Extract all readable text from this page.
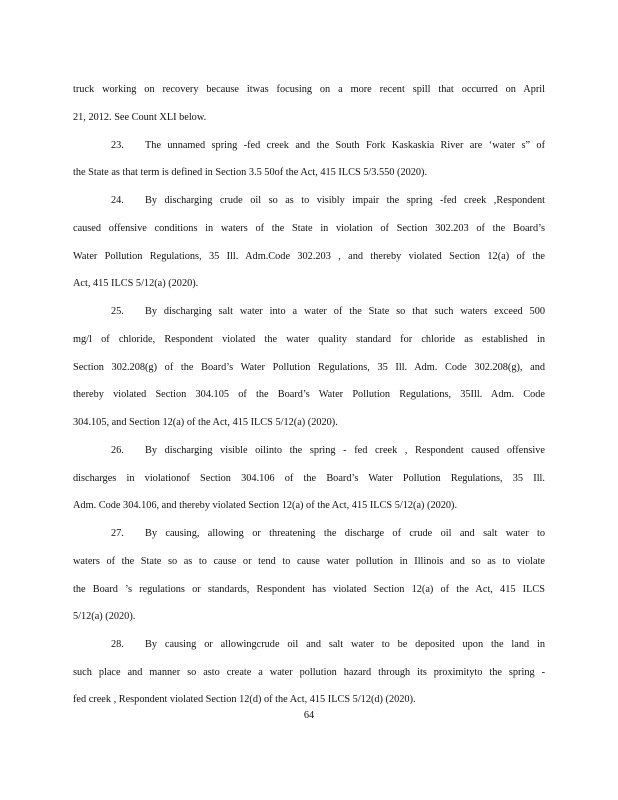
truck working on recovery because itwas focusing on a more recent spill that occurred on April
21, 2012. See Count XLI below.
23. The unnamed spring -fed creek and the South Fork Kaskaskia River are ‘water s” of
the State as that term is defined in Section 3.5 50of the Act, 415 ILCS 5/3.550 (2020).
24. By discharging crude oil so as to visibly impair the spring -fed creek ,Respondent
caused offensive conditions in waters of the State in violation of Section 302.203 of the Board’s
Water Pollution Regulations, 35 Ill. Adm.Code 302.203 , and thereby violated Section 12(a) of the
Act, 415 ILCS 5/12(a) (2020).
25. By discharging salt water into a water of the State so that such waters exceed 500
mg/l of chloride, Respondent violated the water quality standard for chloride as established in
Section 302.208(g) of the Board’s Water Pollution Regulations, 35 Ill. Adm. Code 302.208(g), and
thereby violated Section 304.105 of the Board’s Water Pollution Regulations, 35Ill. Adm. Code
304.105, and Section 12(a) of the Act, 415 ILCS 5/12(a) (2020).
26. By discharging visible oilinto the spring - fed creek , Respondent caused offensive
discharges in violationof Section 304.106 of the Board’s Water Pollution Regulations, 35 Ill.
Adm. Code 304.106, and thereby violated Section 12(a) of the Act, 415 ILCS 5/12(a) (2020).
27. By causing, allowing or threatening the discharge of crude oil and salt water to
waters of the State so as to cause or tend to cause water pollution in Illinois and so as to violate
the Board ’s regulations or standards, Respondent has violated Section 12(a) of the Act, 415 ILCS
5/12(a) (2020).
28. By causing or allowingcrude oil and salt water to be deposited upon the land in
such place and manner so asto create a water pollution hazard through its proximityto the spring -
fed creek , Respondent violated Section 12(d) of the Act, 415 ILCS 5/12(d) (2020).
64
